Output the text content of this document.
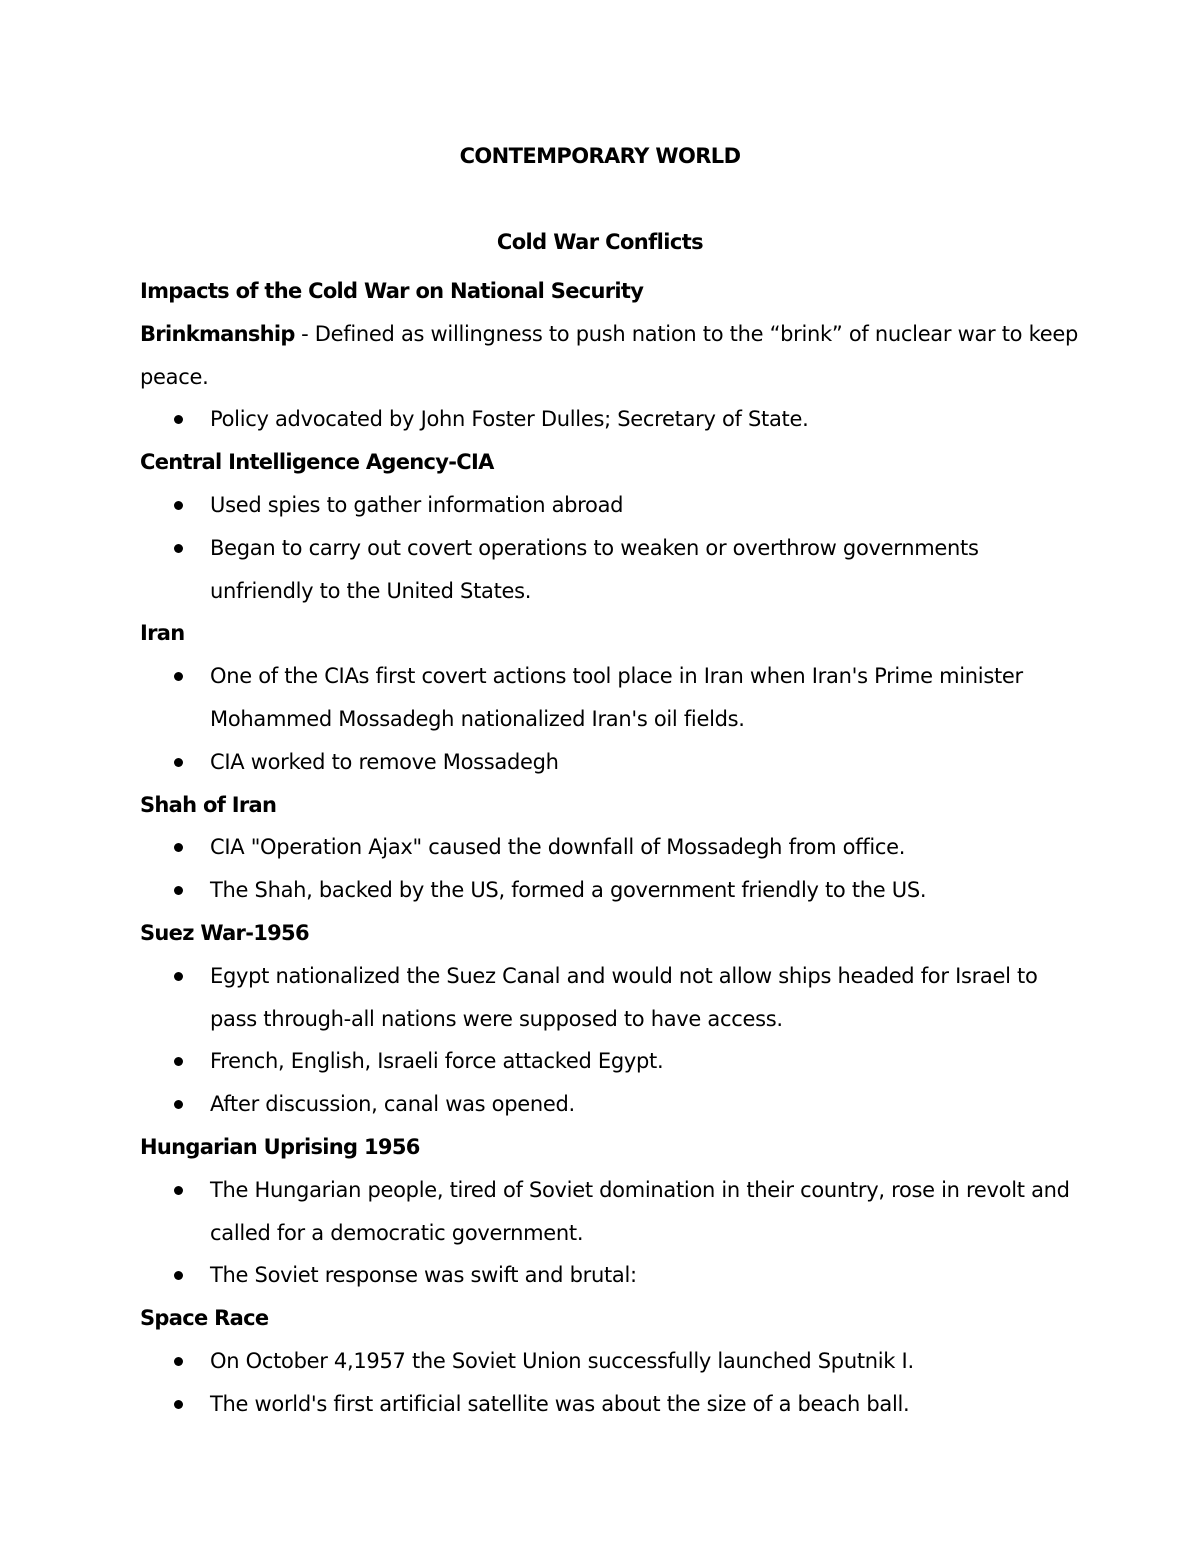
CONTEMPORARY WORLD
Cold War Conflicts

Impacts of the Cold War on National Security

Brinkmanship - Defined as willingness to push nation to the “brink” of nuclear war to keep peace.

Policy advocated by John Foster Dulles; Secretary of State.

Central Intelligence Agency-CIA

Used spies to gather information abroad
Began to carry out covert operations to weaken or overthrow governments unfriendly to the United States.

Iran

One of the CIAs first covert actions tool place in Iran when Iran's Prime minister Mohammed Mossadegh nationalized Iran's oil fields.
CIA worked to remove Mossadegh

Shah of Iran

CIA "Operation Ajax" caused the downfall of Mossadegh from office.
The Shah, backed by the US, formed a government friendly to the US.

Suez War-1956

Egypt nationalized the Suez Canal and would not allow ships headed for Israel to pass through-all nations were supposed to have access.
French, English, Israeli force attacked Egypt.
After discussion, canal was opened.

Hungarian Uprising 1956

The Hungarian people, tired of Soviet domination in their country, rose in revolt and called for a democratic government.
The Soviet response was swift and brutal:

Space Race

On October 4,1957 the Soviet Union successfully launched Sputnik I.
The world's first artificial satellite was about the size of a beach ball.
